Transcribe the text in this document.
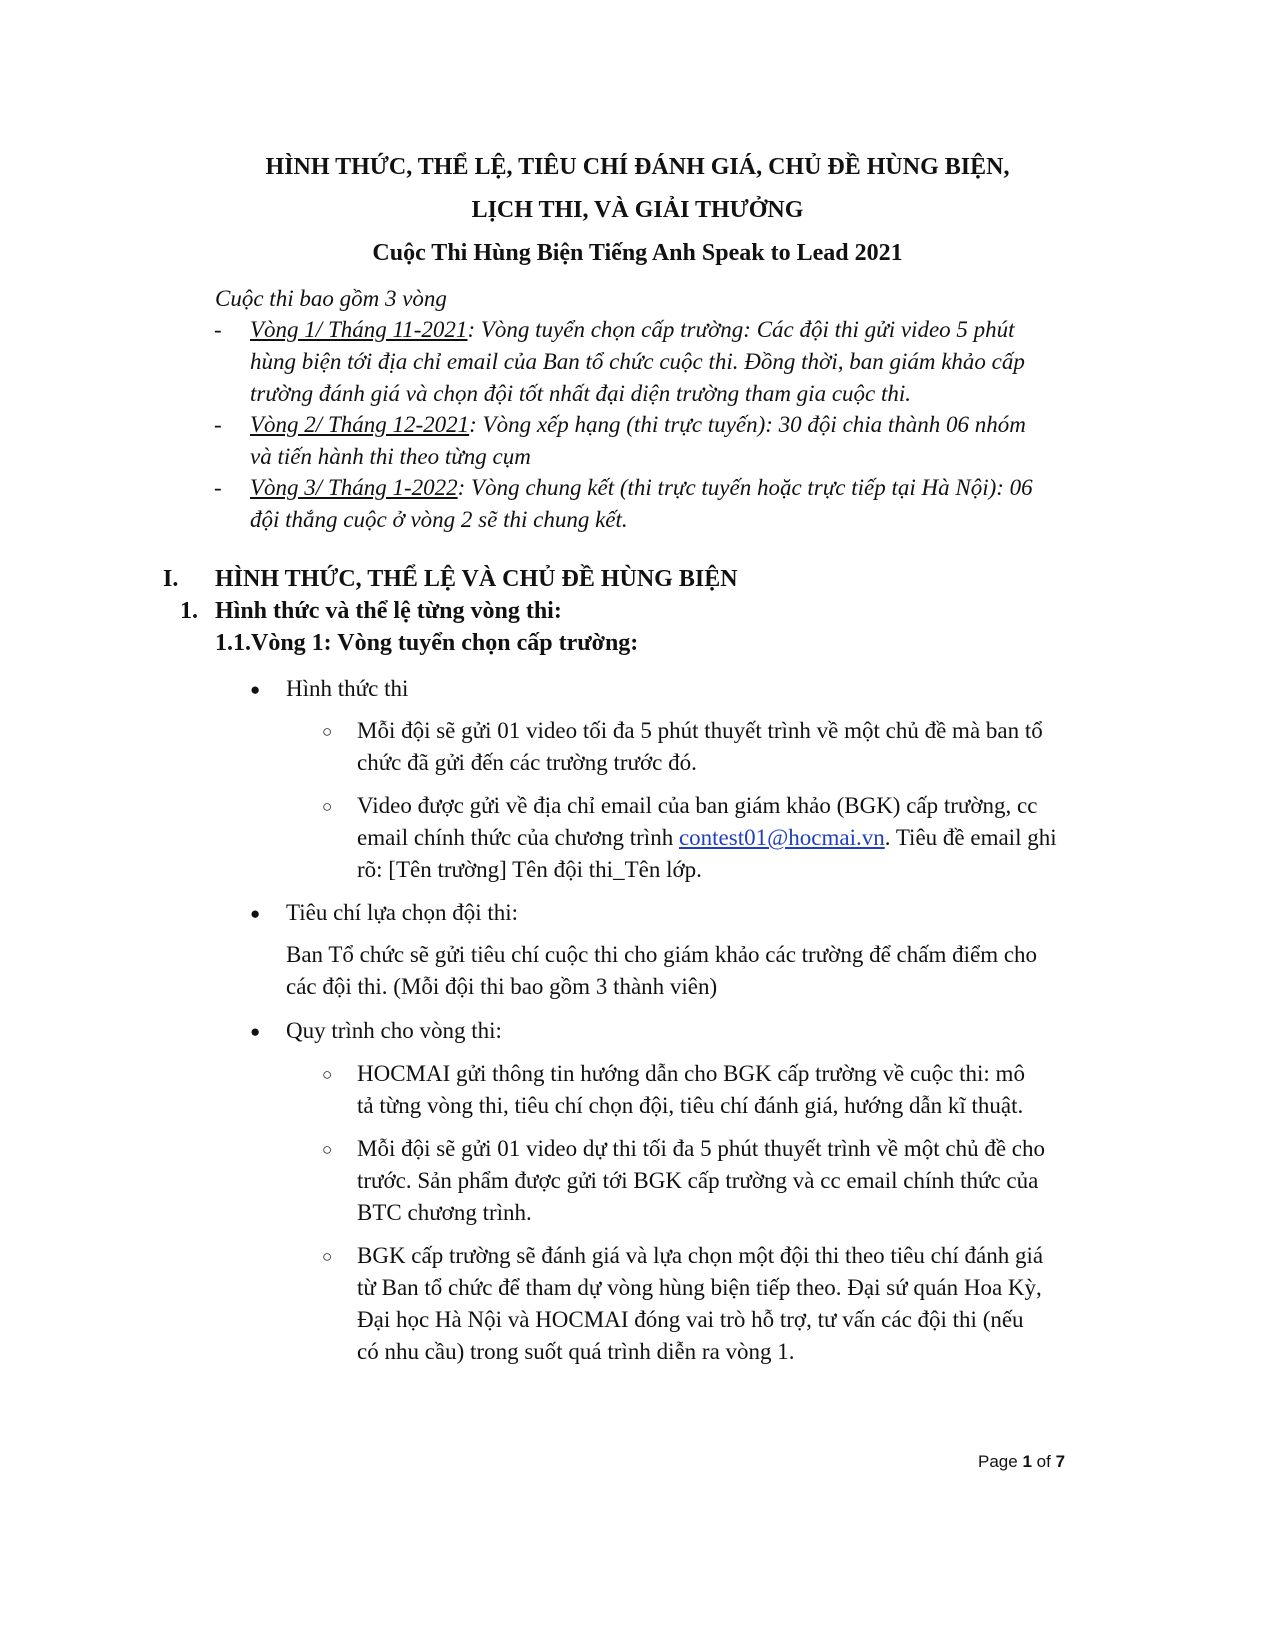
HÌNH THỨC, THỂ LỆ, TIÊU CHÍ ĐÁNH GIÁ, CHỦ ĐỀ HÙNG BIỆN,
LỊCH THI, VÀ GIẢI THƯỞNG
Cuộc Thi Hùng Biện Tiếng Anh Speak to Lead 2021
Cuộc thi bao gồm 3 vòng
- Vòng 1/ Tháng 11-2021: Vòng tuyển chọn cấp trường: Các đội thi gửi video 5 phút
hùng biện tới địa chỉ email của Ban tổ chức cuộc thi. Đồng thời, ban giám khảo cấp
trường đánh giá và chọn đội tốt nhất đại diện trường tham gia cuộc thi.
- Vòng 2/ Tháng 12-2021: Vòng xếp hạng (thi trực tuyến): 30 đội chia thành 06 nhóm
và tiến hành thi theo từng cụm
- Vòng 3/ Tháng 1-2022: Vòng chung kết (thi trực tuyến hoặc trực tiếp tại Hà Nội): 06
đội thắng cuộc ở vòng 2 sẽ thi chung kết.
I. HÌNH THỨC, THỂ LỆ VÀ CHỦ ĐỀ HÙNG BIỆN
1. Hình thức và thể lệ từng vòng thi:
1.1.Vòng 1: Vòng tuyển chọn cấp trường:
● Hình thức thi
○ Mỗi đội sẽ gửi 01 video tối đa 5 phút thuyết trình về một chủ đề mà ban tổ
chức đã gửi đến các trường trước đó.
○ Video được gửi về địa chỉ email của ban giám khảo (BGK) cấp trường, cc
email chính thức của chương trình contest01@hocmai.vn. Tiêu đề email ghi
rõ: [Tên trường] Tên đội thi_Tên lớp.
● Tiêu chí lựa chọn đội thi:
Ban Tổ chức sẽ gửi tiêu chí cuộc thi cho giám khảo các trường để chấm điểm cho
các đội thi. (Mỗi đội thi bao gồm 3 thành viên)
● Quy trình cho vòng thi:
○ HOCMAI gửi thông tin hướng dẫn cho BGK cấp trường về cuộc thi: mô
tả từng vòng thi, tiêu chí chọn đội, tiêu chí đánh giá, hướng dẫn kĩ thuật.
○ Mỗi đội sẽ gửi 01 video dự thi tối đa 5 phút thuyết trình về một chủ đề cho
trước. Sản phẩm được gửi tới BGK cấp trường và cc email chính thức của
BTC chương trình.
○ BGK cấp trường sẽ đánh giá và lựa chọn một đội thi theo tiêu chí đánh giá
từ Ban tổ chức để tham dự vòng hùng biện tiếp theo. Đại sứ quán Hoa Kỳ,
Đại học Hà Nội và HOCMAI đóng vai trò hỗ trợ, tư vấn các đội thi (nếu
có nhu cầu) trong suốt quá trình diễn ra vòng 1.
Page 1 of 7
